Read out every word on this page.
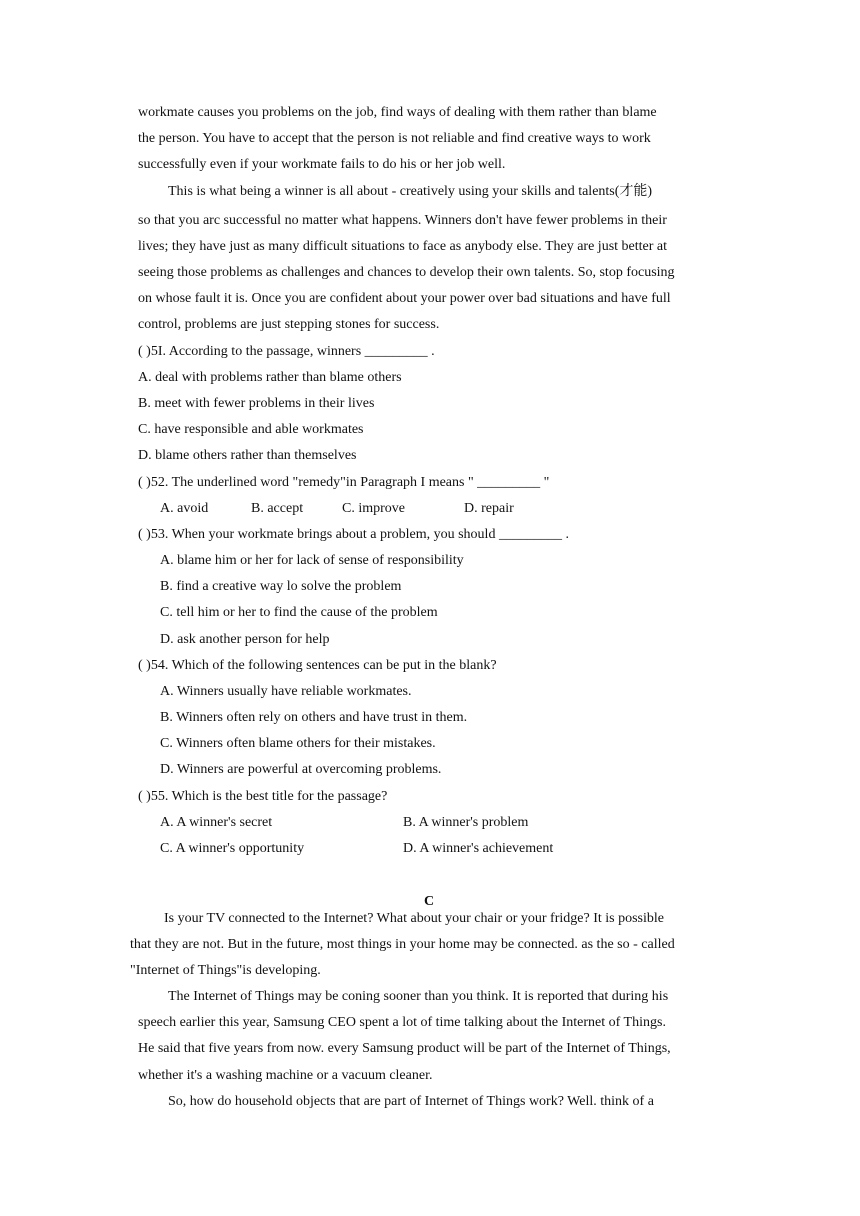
workmate causes you problems on the job, find ways of dealing with them rather than blame

the person. You have to accept that the person is not reliable and find creative ways to work

successfully even if your workmate fails to do his or her job well.

This is what being a winner is all about - creatively using your skills and talents(才能)

so that you arc successful no matter what happens. Winners don't have fewer problems in their

lives; they have just as many difficult situations to face as anybody else. They are just better at

seeing those problems as challenges and chances to develop their own talents. So, stop focusing

on whose fault it is. Once you are confident about your power over bad situations and have full

control, problems are just stepping stones for success.

( )5I. According to the passage, winners _________ .

A. deal with problems rather than blame others

B. meet with fewer problems in their lives

C. have responsible and able workmates

D. blame others rather than themselves

( )52. The underlined word "remedy"in Paragraph I means " _________ "

A. avoid	B. accept	C. improve	D. repair

( )53. When your workmate brings about a problem, you should _________ .

A. blame him or her for lack of sense of responsibility

B. find a creative way lo solve the problem

C. tell him or her to find the cause of the problem

D. ask another person for help

( )54. Which of the following sentences can be put in the blank?

A. Winners usually have reliable workmates.

B. Winners often rely on others and have trust in them.

C. Winners often blame others for their mistakes.

D. Winners are powerful at overcoming problems.

( )55. Which is the best title for the passage?

A. A winner's secret	B. A winner's problem

C. A winner's opportunity	D. A winner's achievement

C

Is your TV connected to the Internet? What about your chair or your fridge? It is possible

that they are not. But in the future, most things in your home may be connected. as the so - called

"Internet of Things"is developing.

The Internet of Things may be coning sooner than you think. It is reported that during his

speech earlier this year, Samsung CEO spent a lot of time talking about the Internet of Things.

He said that five years from now. every Samsung product will be part of the Internet of Things,

whether it's a washing machine or a vacuum cleaner.

So, how do household objects that are part of Internet of Things work? Well. think of a
